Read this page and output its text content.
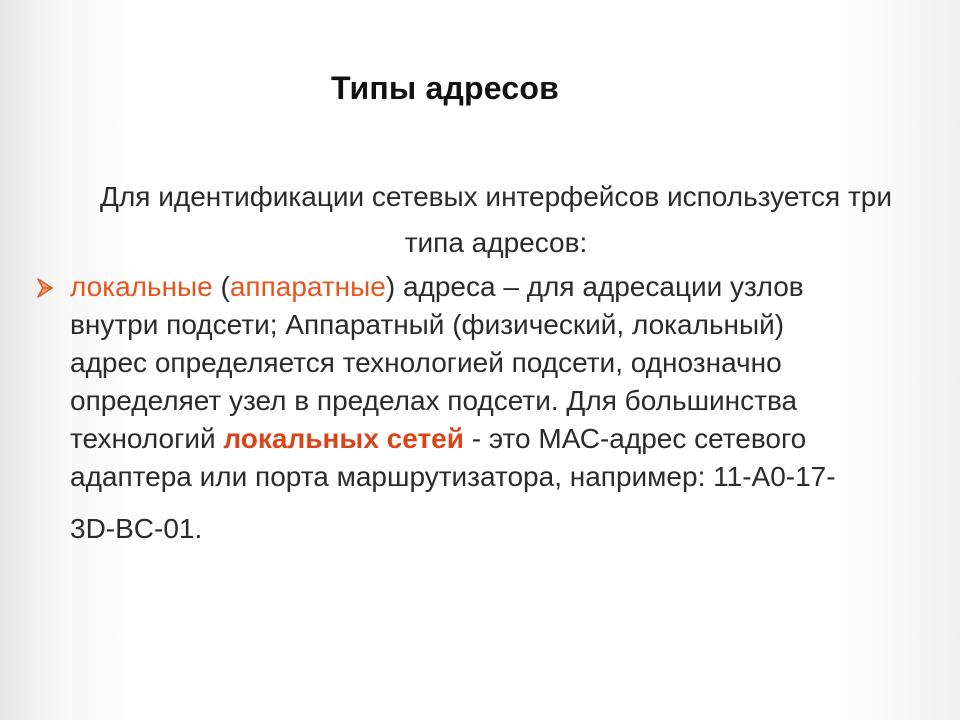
Типы адресов
Для идентификации сетевых интерфейсов используется три
типа адресов:
локальные (аппаратные) адреса – для адресации узлов
внутри подсети; Аппаратный (физический, локальный)
адрес определяется технологией подсети, однозначно
определяет узел в пределах подсети. Для большинства
технологий локальных сетей - это МАС-адрес сетевого
адаптера или порта маршрутизатора, например: 11-А0-17-
3D-BC-01.
